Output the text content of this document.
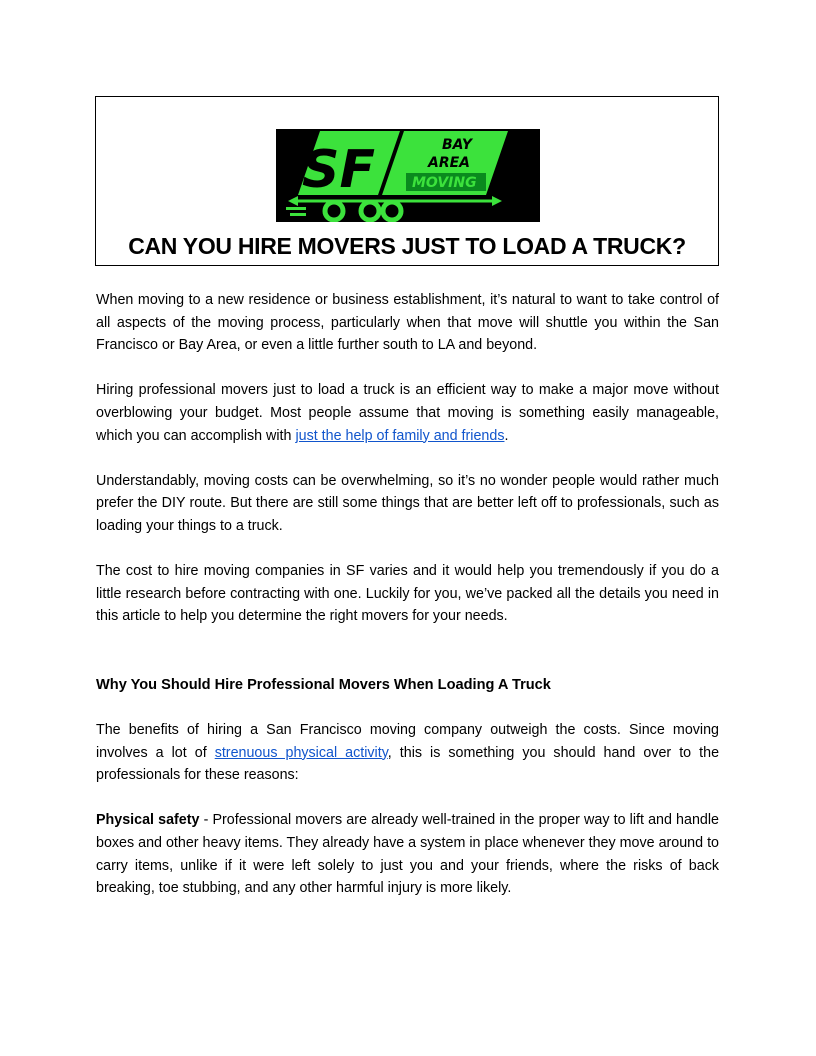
SF	BAY
AREA
MOVING
CAN YOU HIRE MOVERS JUST TO LOAD A TRUCK?

When moving to a new residence or business establishment, it’s natural to want to take control of all aspects of the moving process, particularly when that move will shuttle you within the San Francisco or Bay Area, or even a little further south to LA and beyond.

Hiring professional movers just to load a truck is an efficient way to make a major move without overblowing your budget. Most people assume that moving is something easily manageable, which you can accomplish with just the help of family and friends.

Understandably, moving costs can be overwhelming, so it’s no wonder people would rather much prefer the DIY route. But there are still some things that are better left off to professionals, such as loading your things to a truck.

The cost to hire moving companies in SF varies and it would help you tremendously if you do a little research before contracting with one. Luckily for you, we’ve packed all the details you need in this article to help you determine the right movers for your needs.

Why You Should Hire Professional Movers When Loading A Truck

The benefits of hiring a San Francisco moving company outweigh the costs. Since moving involves a lot of strenuous physical activity, this is something you should hand over to the professionals for these reasons:

Physical safety - Professional movers are already well-trained in the proper way to lift and handle boxes and other heavy items. They already have a system in place whenever they move around to carry items, unlike if it were left solely to just you and your friends, where the risks of back breaking, toe stubbing, and any other harmful injury is more likely.
